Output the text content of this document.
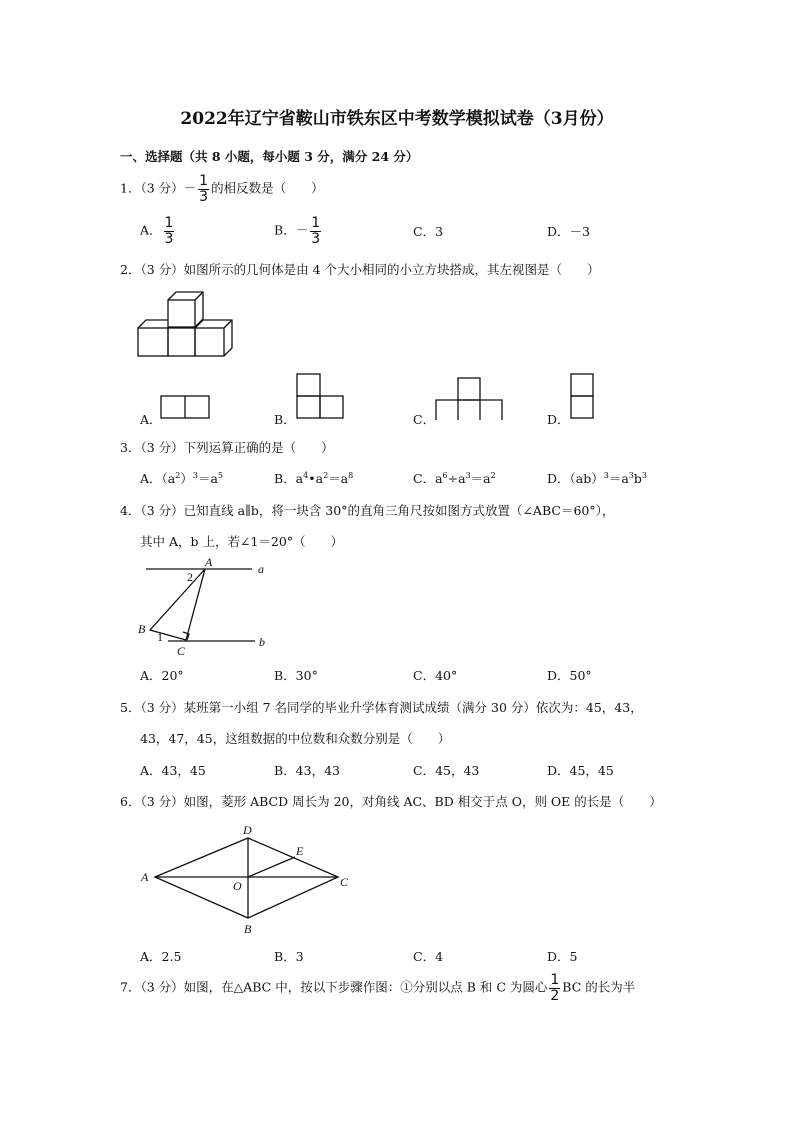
2022年辽宁省鞍山市铁东区中考数学模拟试卷（3月份）
一、选择题（共 8 小题，每小题 3 分，满分 24 分）
1．（3 分）－ $\frac{1}{3}$ 的相反数是（　　）
A． $\frac{1}{3}$	B．－ $\frac{1}{3}$	C．3	D．－3
2．（3 分）如图所示的几何体是由 4 个大小相同的小立方块搭成，其左视图是（　　）
A．	B．	C．	D．
3．（3 分）下列运算正确的是（　　）
A．$(a^2)^3=a^5$	B．$a^4•a^2=a^8$	C．$a^6\div a^3=a^2$	D．$(ab)^3=a^3b^3$
4．（3 分）已知直线 a∥b，将一块含 30°的直角三角尺按如图方式放置（∠ABC＝60°），
其中 A，b 上，若∠1＝20°（　　）
A
B
C
a
b
1
2
A．20°	B．30°	C．40°	D．50°
5．（3 分）某班第一小组 7 名同学的毕业升学体育测试成绩（满分 30 分）依次为：45，43，
43，47，45，这组数据的中位数和众数分别是（　　）
A．43，45	B．43，43	C．45，43	D．45，45
6．（3 分）如图，菱形 ABCD 周长为 20，对角线 AC、BD 相交于点 O，则 OE 的长是（　　）
A
B
C
D
O
E
A．2.5	B．3	C．4	D．5
7．（3 分）如图，在△ABC 中，按以下步骤作图：①分别以点 B 和 C 为圆心 $\frac{1}{2}$ BC 的长为半
